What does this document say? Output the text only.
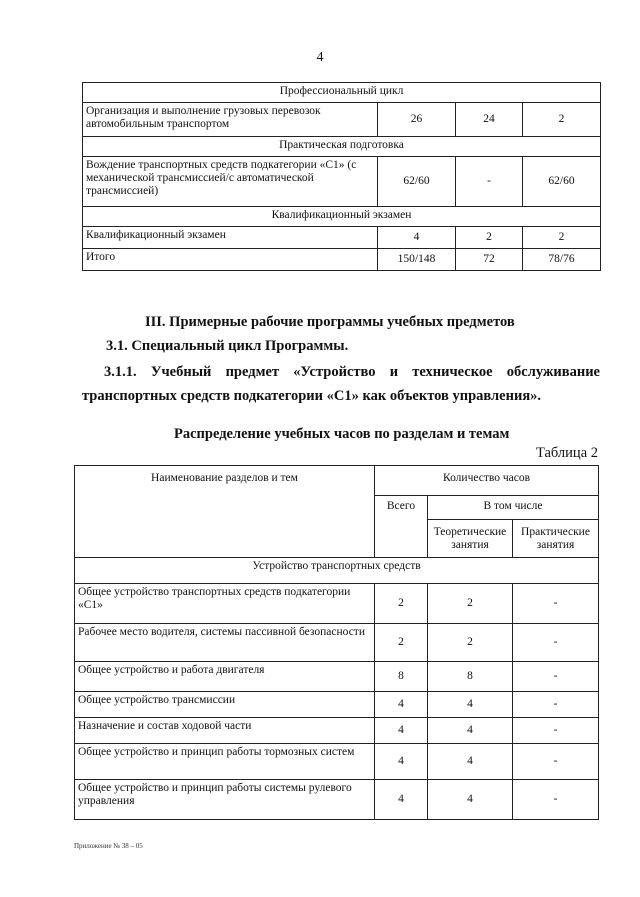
4
Профессиональный цикл			
Организация и выполнение грузовых перевозок автомобильным транспортом	26	24	2
Практическая подготовка			
Вождение транспортных средств подкатегории «С1» (с механической трансмиссией/с автоматической трансмиссией)	62/60	-	62/60
Квалификационный экзамен			
Квалификационный экзамен	4	2	2
Итого	150/148	72	78/76
III. Примерные рабочие программы учебных предметов
3.1. Специальный цикл Программы.
3.1.1. Учебный предмет «Устройство и техническое обслуживание транспортных средств подкатегории «С1» как объектов управления».
Распределение учебных часов по разделам и темам
Таблица 2
Наименование разделов и тем	Количество часов		
	Всего	В том числе	
		Теоретические занятия	Практические занятия
Устройство транспортных средств			
Общее устройство транспортных средств подкатегории «С1»	2	2	-
Рабочее место водителя, системы пассивной безопасности	2	2	-
Общее устройство и работа двигателя	8	8	-
Общее устройство трансмиссии	4	4	-
Назначение и состав ходовой части	4	4	-
Общее устройство и принцип работы тормозных систем	4	4	-
Общее устройство и принцип работы системы рулевого управления	4	4	-
Приложение № 38 – 05
